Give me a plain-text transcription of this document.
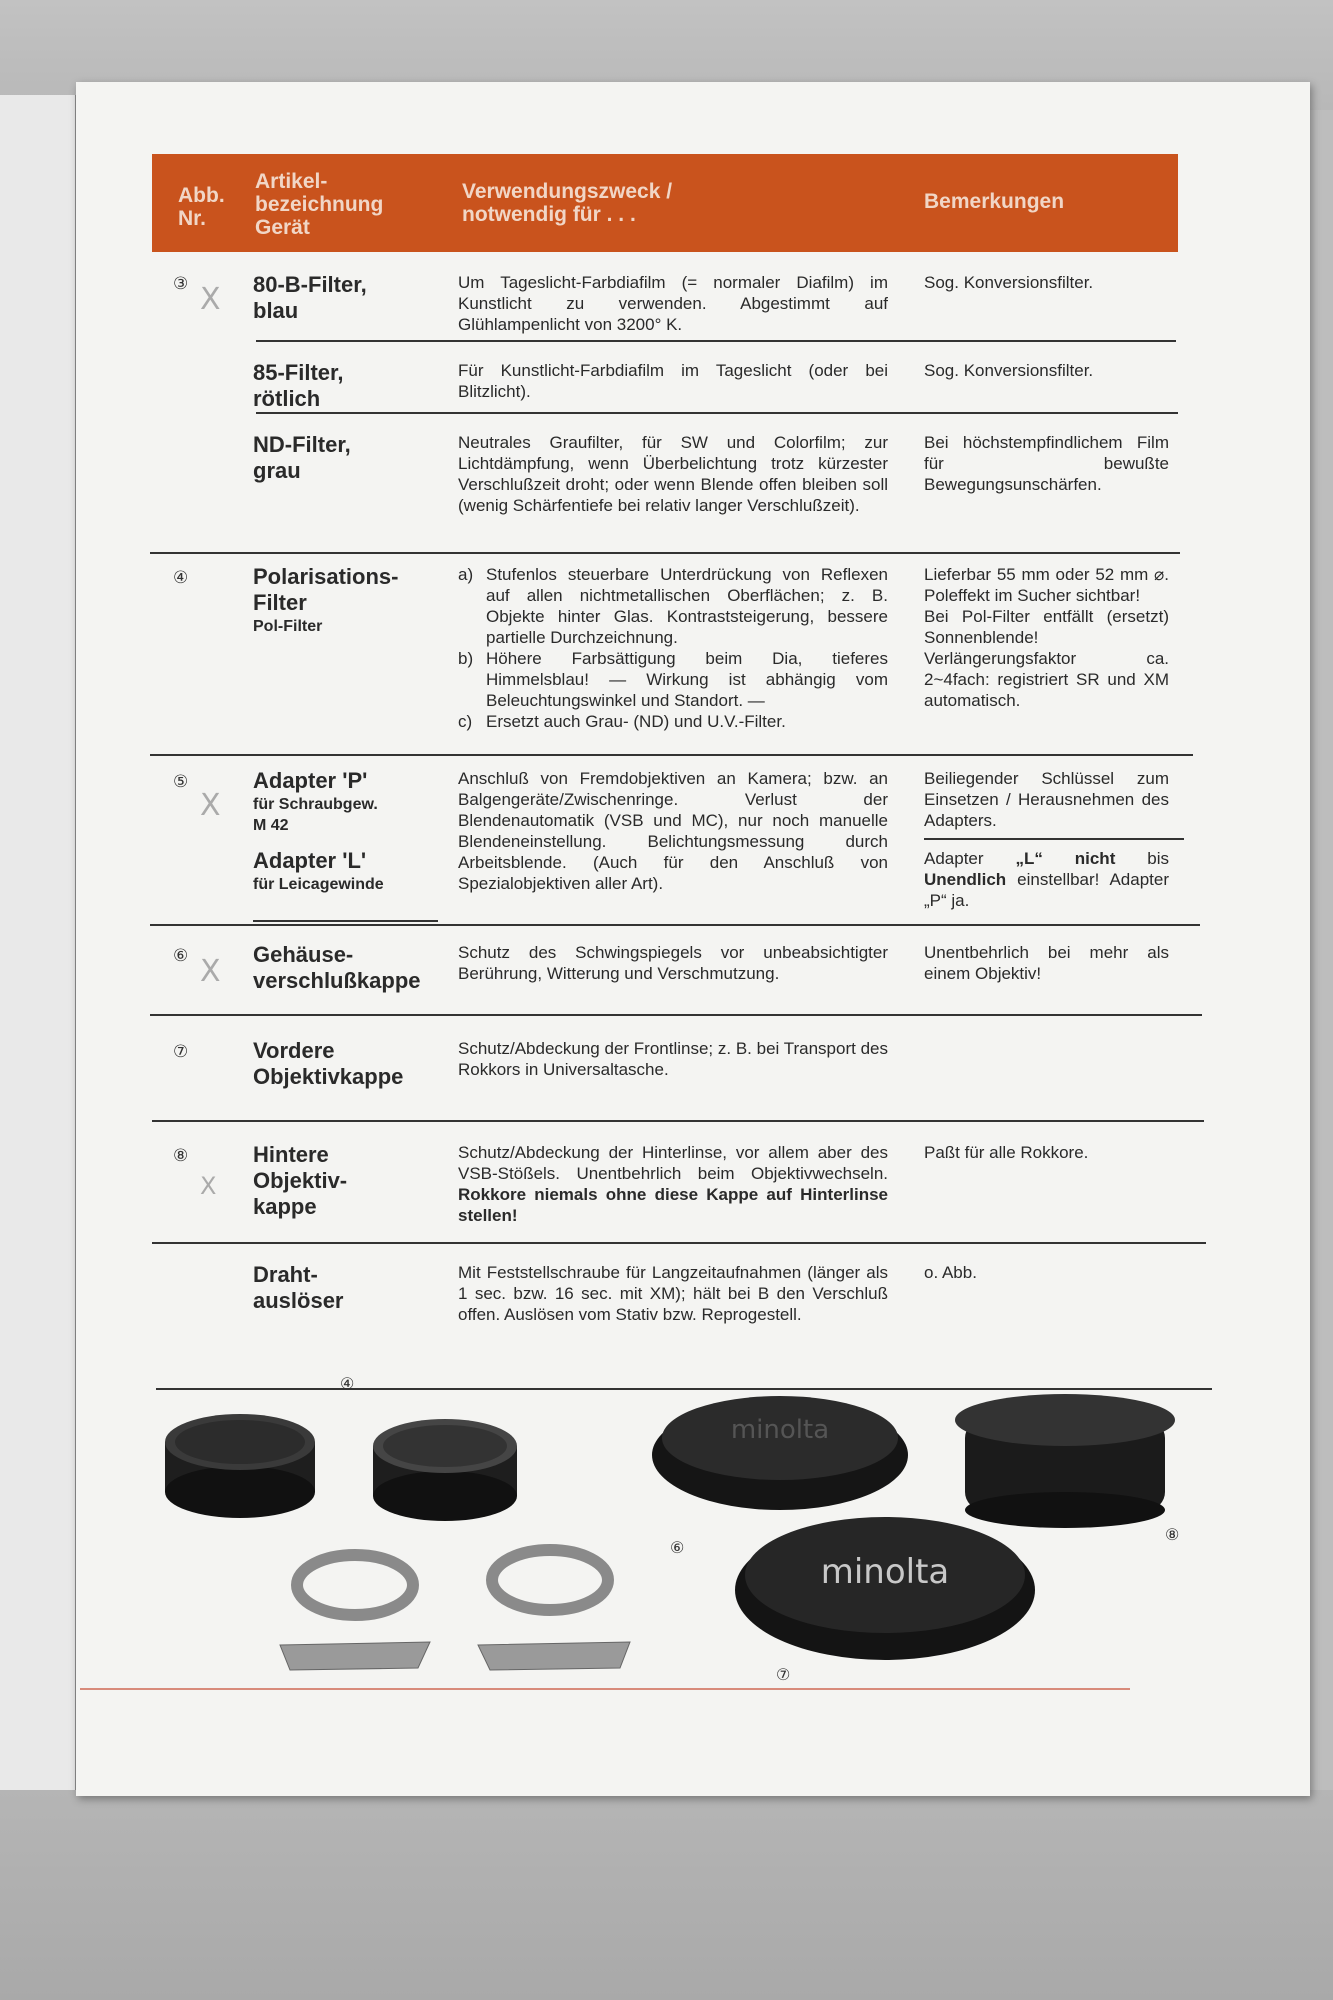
Abb.
Nr.
Artikel-
bezeichnung
Gerät
Verwendungszweck /
notwendig für . . .
Bemerkungen
③ X 80-B-Filter,
blau
Um Tageslicht-Farbdiafilm (= normaler Diafilm) im Kunstlicht zu verwenden. Abgestimmt auf Glühlampenlicht von 3200° K.
Sog. Konversionsfilter.
85-Filter,
rötlich
Für Kunstlicht-Farbdiafilm im Tageslicht (oder bei Blitzlicht).
Sog. Konversionsfilter.
ND-Filter,
grau
Neutrales Graufilter, für SW und Colorfilm; zur Lichtdämpfung, wenn Überbelichtung trotz kürzester Verschlußzeit droht; oder wenn Blende offen bleiben soll (wenig Schärfentiefe bei relativ langer Verschlußzeit).
Bei höchstempfindlichem Film für bewußte Bewegungsunschärfen.
④	Polarisations-
Filter
Pol-Filter
a) Stufenlos steuerbare Unterdrückung von Reflexen auf allen nichtmetallischen Oberflächen; z. B. Objekte hinter Glas. Kontraststeigerung, bessere partielle Durchzeichnung.
b) Höhere Farbsättigung beim Dia, tieferes Himmelsblau! — Wirkung ist abhängig vom Beleuchtungswinkel und Standort. —
c) Ersetzt auch Grau- (ND) und U.V.-Filter.
Lieferbar 55 mm oder 52 mm ⌀. Poleffekt im Sucher sichtbar!
Bei Pol-Filter entfällt (ersetzt) Sonnenblende!
Verlängerungsfaktor ca. 2~4fach: registriert SR und XM automatisch.
⑤
X
Adapter 'P'
für Schraubgew.
M 42
Adapter 'L'
für Leicagewinde
Anschluß von Fremdobjektiven an Kamera; bzw. an Balgengeräte/Zwischenringe. Verlust der Blendenautomatik (VSB und MC), nur noch manuelle Blendeneinstellung. Belichtungsmessung durch Arbeitsblende. (Auch für den Anschluß von Spezialobjektiven aller Art).
Beiliegender Schlüssel zum Einsetzen / Herausnehmen des Adapters.
Adapter „L“ nicht bis Unendlich einstellbar! Adapter „P“ ja.
⑥ X Gehäuse-
verschlußkappe
Schutz des Schwingspiegels vor unbeabsichtigter Berührung, Witterung und Verschmutzung.
Unentbehrlich bei mehr als einem Objektiv!
⑦	Vordere
Objektivkappe
Schutz/Abdeckung der Frontlinse; z. B. bei Transport des Rokkors in Universaltasche.
⑧
X
Hintere
Objektiv-
kappe
Schutz/Abdeckung der Hinterlinse, vor allem aber des VSB-Stößels. Unentbehrlich beim Objektivwechseln. Rokkore niemals ohne diese Kappe auf Hinterlinse stellen!
Paßt für alle Rokkore.
Draht-
auslöser
Mit Feststellschraube für Langzeitaufnahmen (länger als 1 sec. bzw. 16 sec. mit XM); hält bei B den Verschluß offen. Auslösen vom Stativ bzw. Reprogestell.
o. Abb.
minolta
minolta
④
⑥
⑦
⑧
